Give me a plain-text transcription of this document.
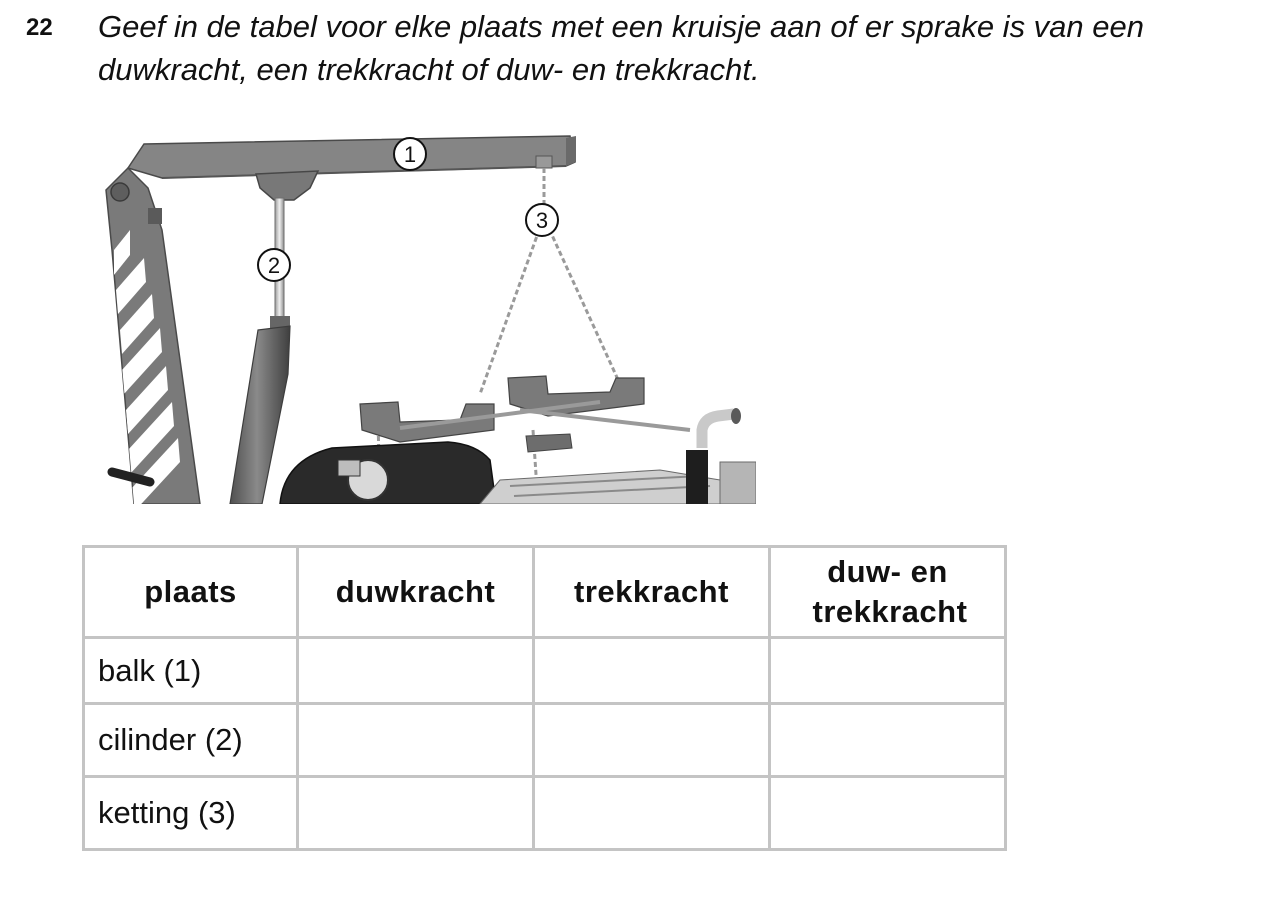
22 Geef in de tabel voor elke plaats met een kruisje aan of er sprake is van een duwkracht, een trekkracht of duw- en trekkracht.
1
2
3
plaats	duwkracht	trekkracht	duw- en trekkracht

balk (1)			
cilinder (2)			
ketting (3)			
